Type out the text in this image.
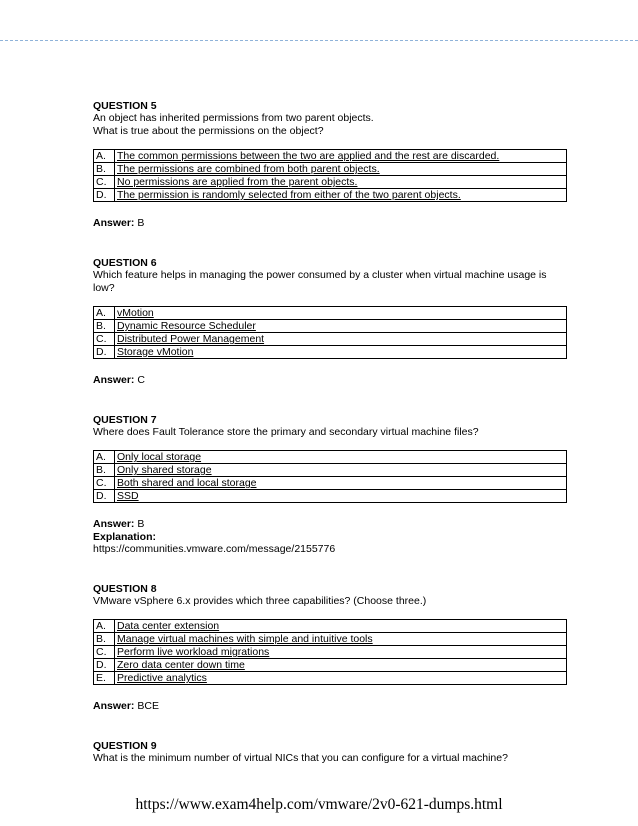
QUESTION 5
An object has inherited permissions from two parent objects.
What is true about the permissions on the object?
A.	The common permissions between the two are applied and the rest are discarded.
B.	The permissions are combined from both parent objects.
C.	No permissions are applied from the parent objects.
D.	The permission is randomly selected from either of the two parent objects.
Answer: B
QUESTION 6
Which feature helps in managing the power consumed by a cluster when virtual machine usage is
low?
A.	vMotion
B.	Dynamic Resource Scheduler
C.	Distributed Power Management
D.	Storage vMotion
Answer: C
QUESTION 7
Where does Fault Tolerance store the primary and secondary virtual machine files?
A.	Only local storage
B.	Only shared storage
C.	Both shared and local storage
D.	SSD
Answer: B
Explanation:
https://communities.vmware.com/message/2155776
QUESTION 8
VMware vSphere 6.x provides which three capabilities? (Choose three.)
A.	Data center extension
B.	Manage virtual machines with simple and intuitive tools
C.	Perform live workload migrations
D.	Zero data center down time
E.	Predictive analytics
Answer: BCE
QUESTION 9
What is the minimum number of virtual NICs that you can configure for a virtual machine?
https://www.exam4help.com/vmware/2v0-621-dumps.html
